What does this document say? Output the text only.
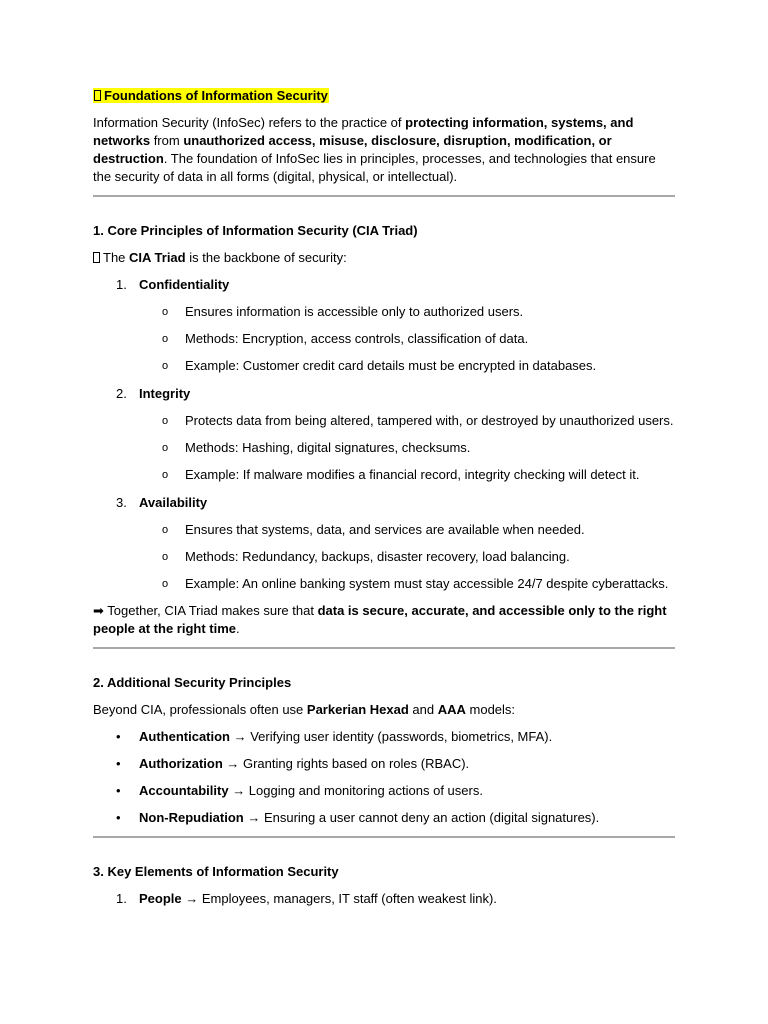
Foundations of Information Security

Information Security (InfoSec) refers to the practice of protecting information, systems, and networks from unauthorized access, misuse, disclosure, disruption, modification, or destruction. The foundation of InfoSec lies in principles, processes, and technologies that ensure the security of data in all forms (digital, physical, or intellectual).

1. Core Principles of Information Security (CIA Triad)

The CIA Triad is the backbone of security:

1. Confidentiality

o Ensures information is accessible only to authorized users.

o Methods: Encryption, access controls, classification of data.

o Example: Customer credit card details must be encrypted in databases.

2. Integrity

o Protects data from being altered, tampered with, or destroyed by unauthorized users.

o Methods: Hashing, digital signatures, checksums.

o Example: If malware modifies a financial record, integrity checking will detect it.

3. Availability

o Ensures that systems, data, and services are available when needed.

o Methods: Redundancy, backups, disaster recovery, load balancing.

o Example: An online banking system must stay accessible 24/7 despite cyberattacks.

➡ Together, CIA Triad makes sure that data is secure, accurate, and accessible only to the right people at the right time.

2. Additional Security Principles

Beyond CIA, professionals often use Parkerian Hexad and AAA models:

• Authentication → Verifying user identity (passwords, biometrics, MFA).

• Authorization → Granting rights based on roles (RBAC).

• Accountability → Logging and monitoring actions of users.

• Non-Repudiation → Ensuring a user cannot deny an action (digital signatures).

3. Key Elements of Information Security

1. People → Employees, managers, IT staff (often weakest link).
